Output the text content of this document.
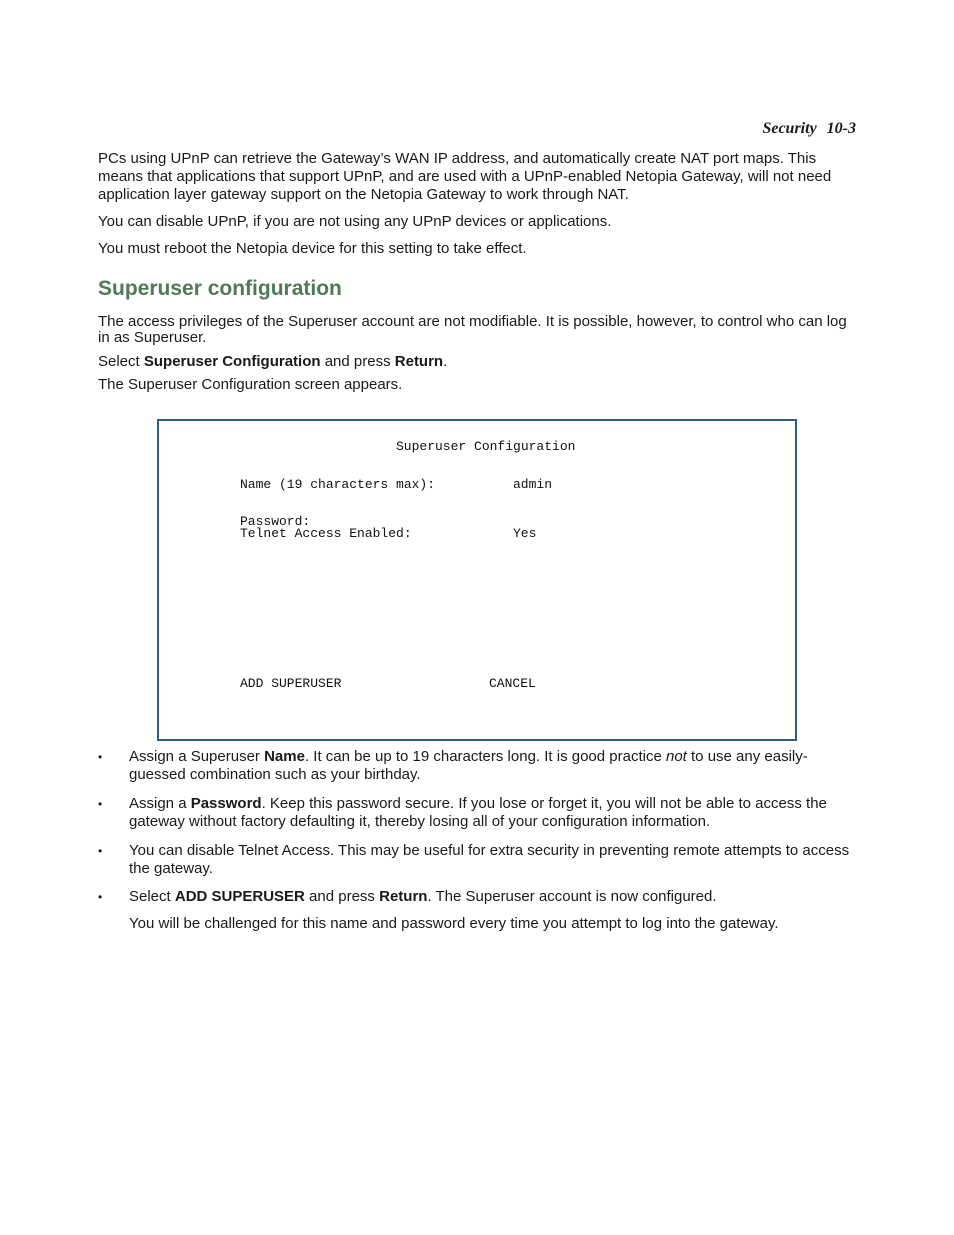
Security 10-3

PCs using UPnP can retrieve the Gateway’s WAN IP address, and automatically create NAT port maps. This means that applications that support UPnP, and are used with a UPnP-enabled Netopia Gateway, will not need application layer gateway support on the Netopia Gateway to work through NAT.

You can disable UPnP, if you are not using any UPnP devices or applications.

You must reboot the Netopia device for this setting to take effect.

Superuser configuration

The access privileges of the Superuser account are not modifiable. It is possible, however, to control who can log in as Superuser.

Select Superuser Configuration and press Return.

The Superuser Configuration screen appears.

Superuser Configuration
Name (19 characters max):	admin
Password:
Telnet Access Enabled:	Yes
ADD SUPERUSER	CANCEL
• Assign a Superuser Name. It can be up to 19 characters long. It is good practice not to use any easily-guessed combination such as your birthday.
• Assign a Password. Keep this password secure. If you lose or forget it, you will not be able to access the gateway without factory defaulting it, thereby losing all of your configuration information.
• You can disable Telnet Access. This may be useful for extra security in preventing remote attempts to access the gateway.
• Select ADD SUPERUSER and press Return. The Superuser account is now configured.

You will be challenged for this name and password every time you attempt to log into the gateway.
